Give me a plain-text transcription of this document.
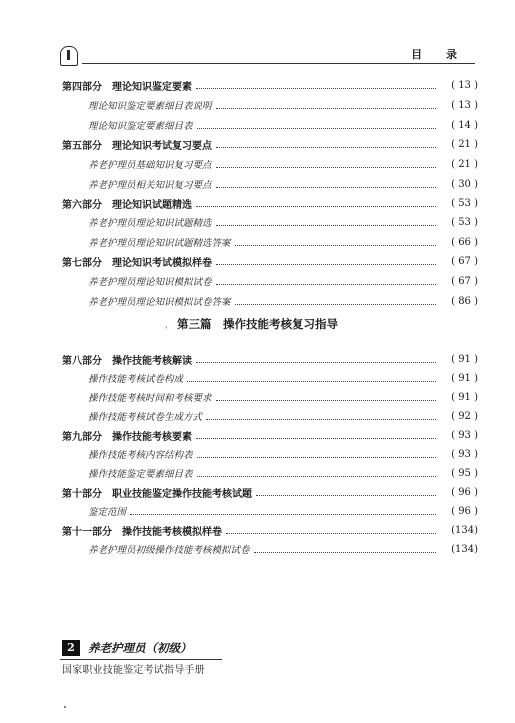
目 录
第四部分　理论知识鉴定要素	( 13 )
理论知识鉴定要素细目表说明	( 13 )
理论知识鉴定要素细目表	( 14 )
第五部分　理论知识考试复习要点	( 21 )
养老护理员基础知识复习要点	( 21 )
养老护理员相关知识复习要点	( 30 )
第六部分　理论知识试题精选	( 53 )
养老护理员理论知识试题精选	( 53 )
养老护理员理论知识试题精选答案	( 66 )
第七部分　理论知识考试模拟样卷	( 67 )
养老护理员理论知识模拟试卷	( 67 )
养老护理员理论知识模拟试卷答案	( 86 )
第三篇　操作技能考核复习指导
'
第八部分　操作技能考核解读	( 91 )
操作技能考核试卷构成	( 91 )
操作技能考核时间和考核要求	( 91 )
操作技能考核试卷生成方式	( 92 )
第九部分　操作技能考核要素	( 93 )
操作技能考核内容结构表	( 93 )
操作技能鉴定要素细目表	( 95 )
第十部分　职业技能鉴定操作技能考核试题	( 96 )
鉴定范围	( 96 )
第十一部分　操作技能考核模拟样卷	(134)
养老护理员初级操作技能考核模拟试卷	(134)
2	养老护理员（初级）
国家职业技能鉴定考试指导手册
